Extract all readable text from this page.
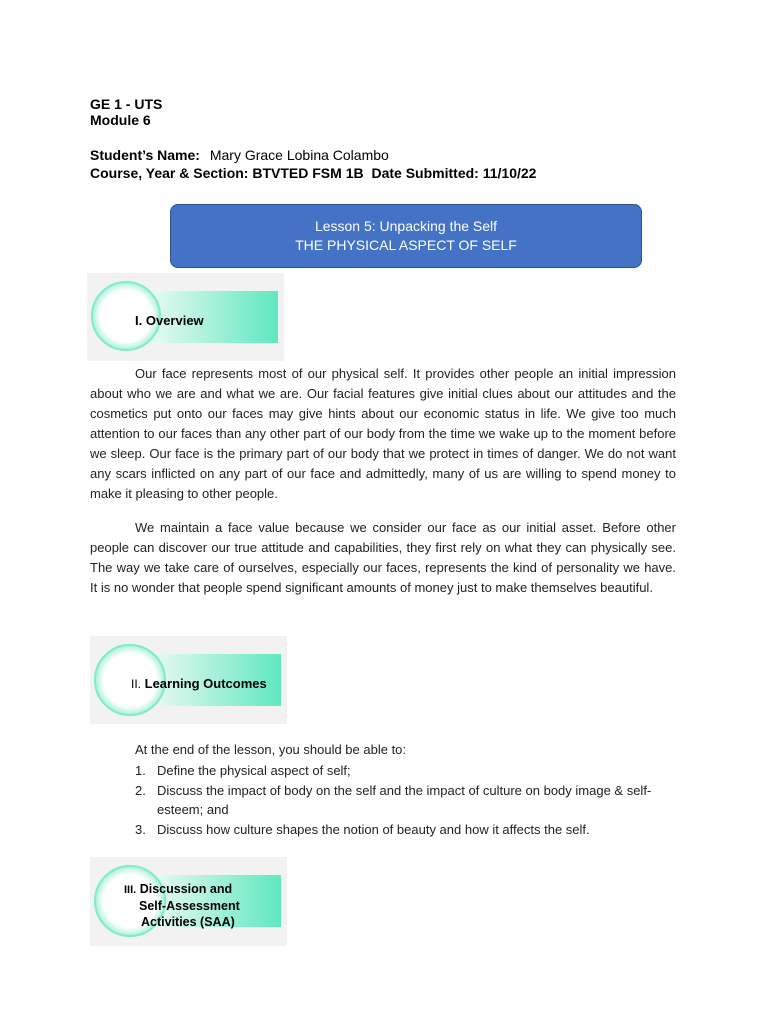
GE 1 - UTS
Module 6
Student’s Name: Mary Grace Lobina Colambo
Course, Year & Section: BTVTED FSM 1B Date Submitted: 11/10/22
Lesson 5: Unpacking the Self
THE PHYSICAL ASPECT OF SELF
I. Overview

Our face represents most of our physical self. It provides other people an initial impression about who we are and what we are. Our facial features give initial clues about our attitudes and the cosmetics put onto our faces may give hints about our economic status in life. We give too much attention to our faces than any other part of our body from the time we wake up to the moment before we sleep. Our face is the primary part of our body that we protect in times of danger. We do not want any scars inflicted on any part of our face and admittedly, many of us are willing to spend money to make it pleasing to other people.

We maintain a face value because we consider our face as our initial asset. Before other people can discover our true attitude and capabilities, they first rely on what they can physically see. The way we take care of ourselves, especially our faces, represents the kind of personality we have. It is no wonder that people spend significant amounts of money just to make themselves beautiful.

II. Learning Outcomes
At the end of the lesson, you should be able to:
1. Define the physical aspect of self;
2. Discuss the impact of body on the self and the impact of culture on body image & self-esteem; and
3. Discuss how culture shapes the notion of beauty and how it affects the self.
III. Discussion and
Self-Assessment
Activities (SAA)
